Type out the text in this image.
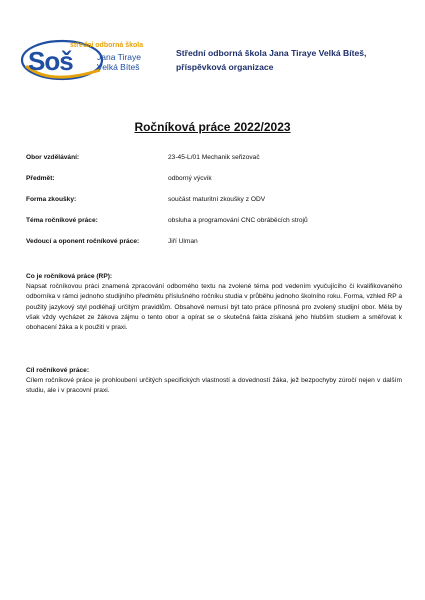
střední odborná škola
Soš	Jana Tiraye
Velká Bíteš
Střední odborná škola Jana Tiraye Velká Bíteš,
příspěvková organizace
Ročníková práce 2022/2023
Obor vzdělávání:	23-45-L/01 Mechanik seřizovač
Předmět:	odborný výcvik
Forma zkoušky:	součást maturitní zkoušky z ODV
Téma ročníkové práce:	obsluha a programování CNC obráběcích strojů
Vedoucí a oponent ročníkové práce:	Jiří Ulman
Co je ročníková práce (RP):
Napsat ročníkovou práci znamená zpracování odborného textu na zvolené téma pod vedením vyučujícího či kvalifikovaného odborníka v rámci jednoho studijního předmětu příslušného ročníku studia v průběhu jednoho školního roku. Forma, vzhled RP a použitý jazykový styl podléhají určitým pravidlům. Obsahově nemusí být tato práce přínosná pro zvolený studijní obor. Měla by však vždy vycházet ze žákova zájmu o tento obor a opírat se o skutečná fakta získaná jeho hlubším studiem a směřovat k obohacení žáka a k použití v praxi.
Cíl ročníkové práce:
Cílem ročníkové práce je prohloubení určitých specifických vlastností a dovedností žáka, jež bezpochyby zúročí nejen v dalším studiu, ale i v pracovní praxi.
